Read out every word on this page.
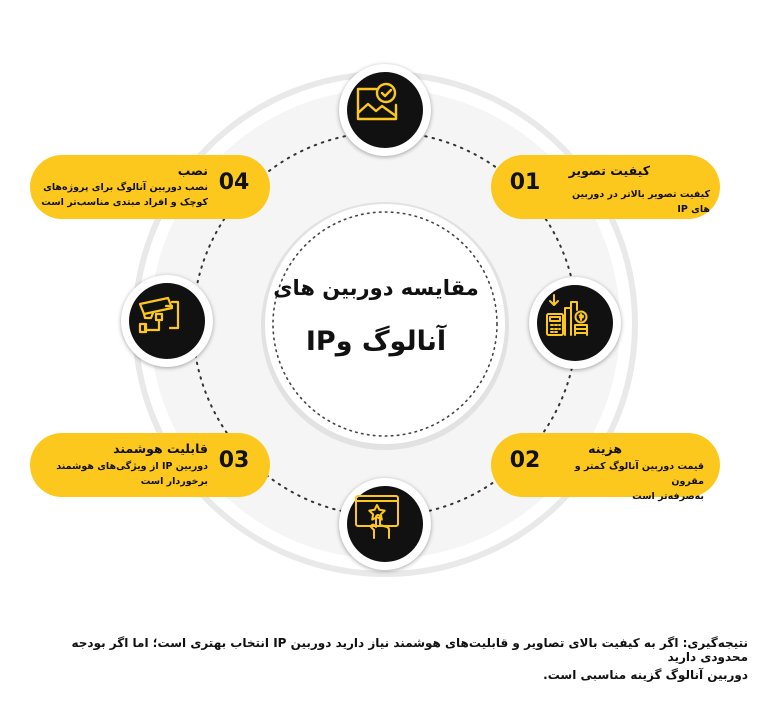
مقایسه دوربین های
آنالوگ وIP
01	کیفیت تصویر
کیفیت تصویر بالاتر در دوربین های IP
02	هزینه
قیمت دوربین آنالوگ کمتر و مقرون
به‌صرفه‌تر است
03
قابلیت هوشمند
دوربین IP از ویژگی‌های هوشمند
برخوردار است
04
نصب
نصب دوربین آنالوگ برای پروژه‌های
کوچک و افراد مبتدی مناسب‌تر است
نتیجه‌گیری: اگر به کیفیت بالای تصاویر و قابلیت‌های هوشمند نیاز دارید دوربین IP انتخاب بهتری است؛ اما اگر بودجه محدودی دارید
دوربین آنالوگ گزینه مناسبی است.
